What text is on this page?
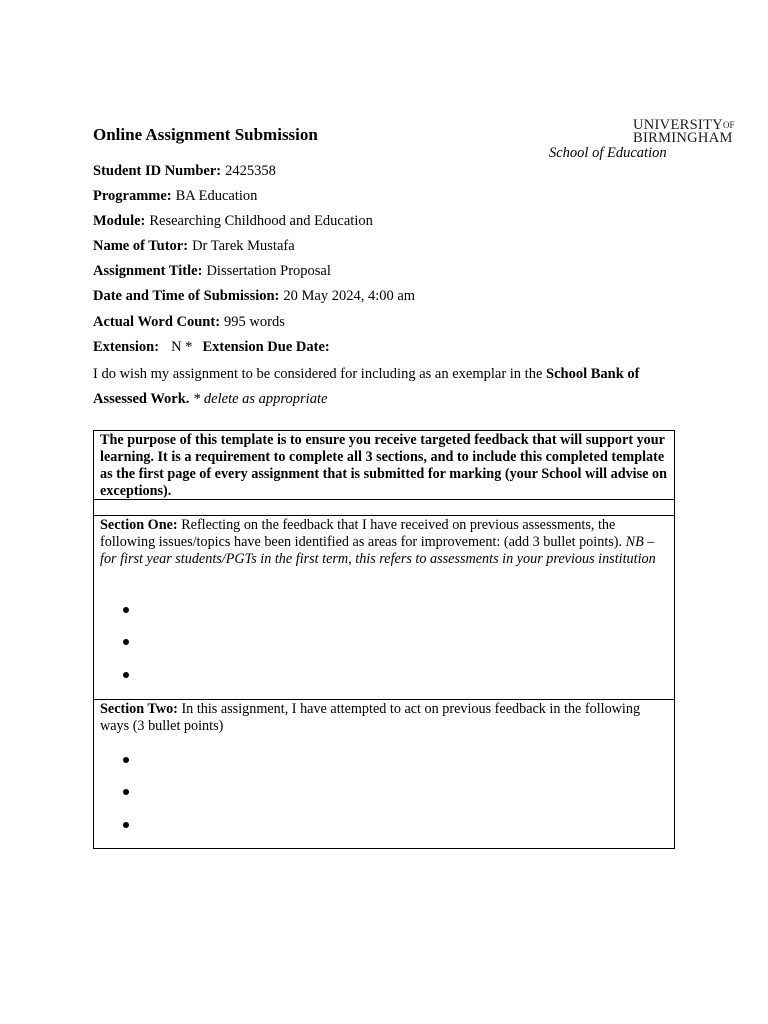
$UNIVERSITY^{OF}$
BIRMINGHAM
School of Education
Online Assignment Submission
Student ID Number: 2425358
Programme: BA Education
Module: Researching Childhood and Education
Name of Tutor: Dr Tarek Mustafa
Assignment Title: Dissertation Proposal
Date and Time of Submission: 20 May 2024, 4:00 am
Actual Word Count: 995 words
Extension: N * Extension Due Date:
I do wish my assignment to be considered for including as an exemplar in the School Bank of Assessed Work. * delete as appropriate
The purpose of this template is to ensure you receive targeted feedback that will support your learning. It is a requirement to complete all 3 sections, and to include this completed template as the first page of every assignment that is submitted for marking (your School will advise on exceptions).
Section One: Reflecting on the feedback that I have received on previous assessments, the following issues/topics have been identified as areas for improvement: (add 3 bullet points). NB – for first year students/PGTs in the first term, this refers to assessments in your previous institution
Section Two: In this assignment, I have attempted to act on previous feedback in the following ways (3 bullet points)
